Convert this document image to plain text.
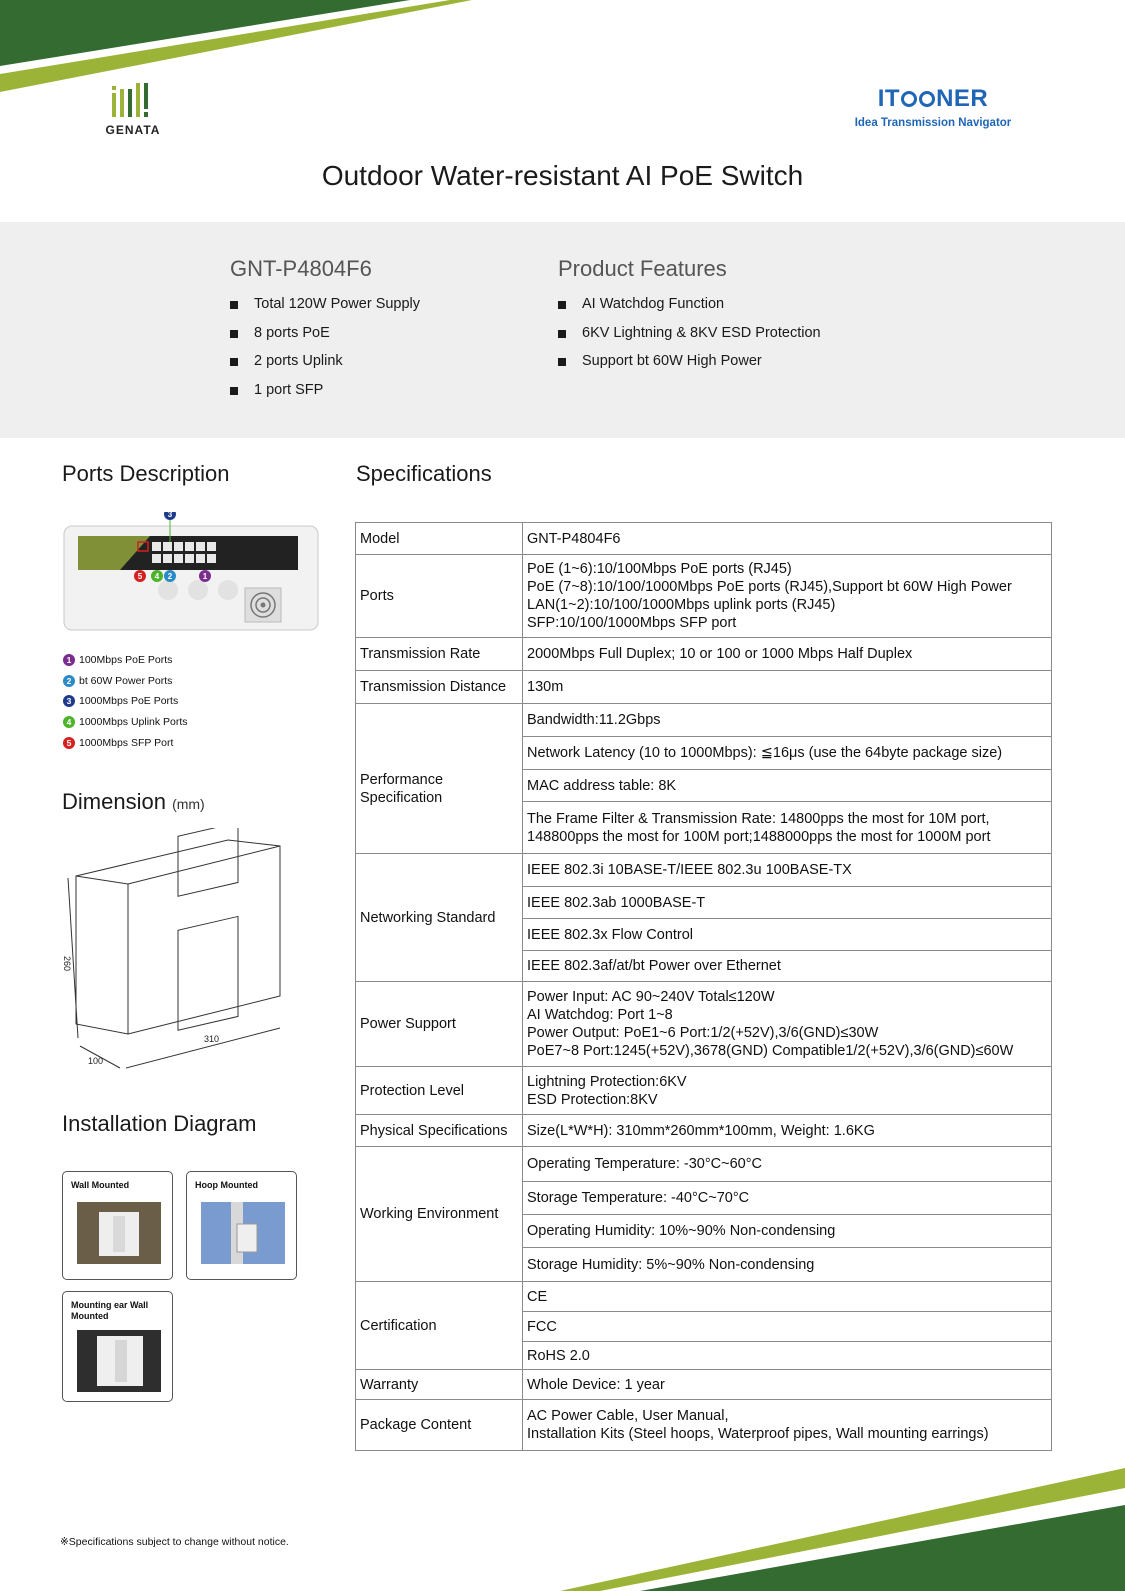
GENATA
IT NER
Idea Transmission Navigator
Outdoor Water-resistant AI PoE Switch
GNT-P4804F6
Total 120W Power Supply
8 ports PoE
2 ports Uplink
1 port SFP
Product Features
AI Watchdog Function
6KV Lightning & 8KV ESD Protection
Support bt 60W High Power
Ports Description
3
5 4 2	1
1 100Mbps PoE Ports
2 bt 60W Power Ports
3 1000Mbps PoE Ports
4 1000Mbps Uplink Ports
5 1000Mbps SFP Port
Dimension (mm)
260
310
100
Installation Diagram
Wall Mounted	Hoop Mounted
Mounting ear Wall Mounted
Specifications
Model	GNT-P4804F6
Ports	PoE (1~6):10/100Mbps PoE ports (RJ45)
PoE (7~8):10/100/1000Mbps PoE ports (RJ45),Support bt 60W High Power
LAN(1~2):10/100/1000Mbps uplink ports (RJ45)
SFP:10/100/1000Mbps SFP port
Transmission Rate	2000Mbps Full Duplex; 10 or 100 or 1000 Mbps Half Duplex
Transmission Distance	130m
Performance Specification	Bandwidth:11.2Gbps
	Network Latency (10 to 1000Mbps): ≦16μs (use the 64byte package size)
	MAC address table: 8K
	The Frame Filter & Transmission Rate: 14800pps the most for 10M port, 148800pps the most for 100M port;1488000pps the most for 1000M port
Networking Standard	IEEE 802.3i 10BASE-T/IEEE 802.3u 100BASE-TX
	IEEE 802.3ab 1000BASE-T
	IEEE 802.3x Flow Control
	IEEE 802.3af/at/bt Power over Ethernet
Power Support	Power Input: AC 90~240V Total≤120W
AI Watchdog: Port 1~8
Power Output: PoE1~6 Port:1/2(+52V),3/6(GND)≤30W
PoE7~8 Port:1245(+52V),3678(GND) Compatible1/2(+52V),3/6(GND)≤60W
Protection Level	Lightning Protection:6KV
ESD Protection:8KV
Physical Specifications	Size(L*W*H): 310mm*260mm*100mm, Weight: 1.6KG
Working Environment	Operating Temperature: -30°C~60°C
	Storage Temperature: -40°C~70°C
	Operating Humidity: 10%~90% Non-condensing
	Storage Humidity: 5%~90% Non-condensing
Certification	CE
	FCC
	RoHS 2.0
Warranty	Whole Device: 1 year
Package Content	AC Power Cable, User Manual,
Installation Kits (Steel hoops, Waterproof pipes, Wall mounting earrings)
※Specifications subject to change without notice.
